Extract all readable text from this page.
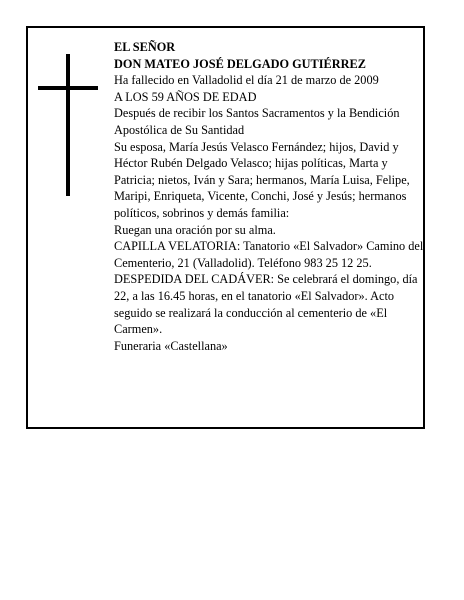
EL SEÑOR
DON MATEO JOSÉ DELGADO GUTIÉRREZ
Ha fallecido en Valladolid el día 21 de marzo de 2009
A LOS 59 AÑOS DE EDAD
Después de recibir los Santos Sacramentos y la Bendición Apostólica de Su Santidad
Su esposa, María Jesús Velasco Fernández; hijos, David y Héctor Rubén Delgado Velasco; hijas políticas, Marta y Patricia; nietos, Iván y Sara; hermanos, María Luisa, Felipe, Maripi, Enriqueta, Vicente, Conchi, José y Jesús; hermanos políticos, sobrinos y demás familia:
Ruegan una oración por su alma.
CAPILLA VELATORIA: Tanatorio «El Salvador» Camino del Cementerio, 21 (Valladolid). Teléfono 983 25 12 25.
DESPEDIDA DEL CADÁVER: Se celebrará el domingo, día 22, a las 16.45 horas, en el tanatorio «El Salvador». Acto seguido se realizará la conducción al cementerio de «El Carmen».
Funeraria «Castellana»
